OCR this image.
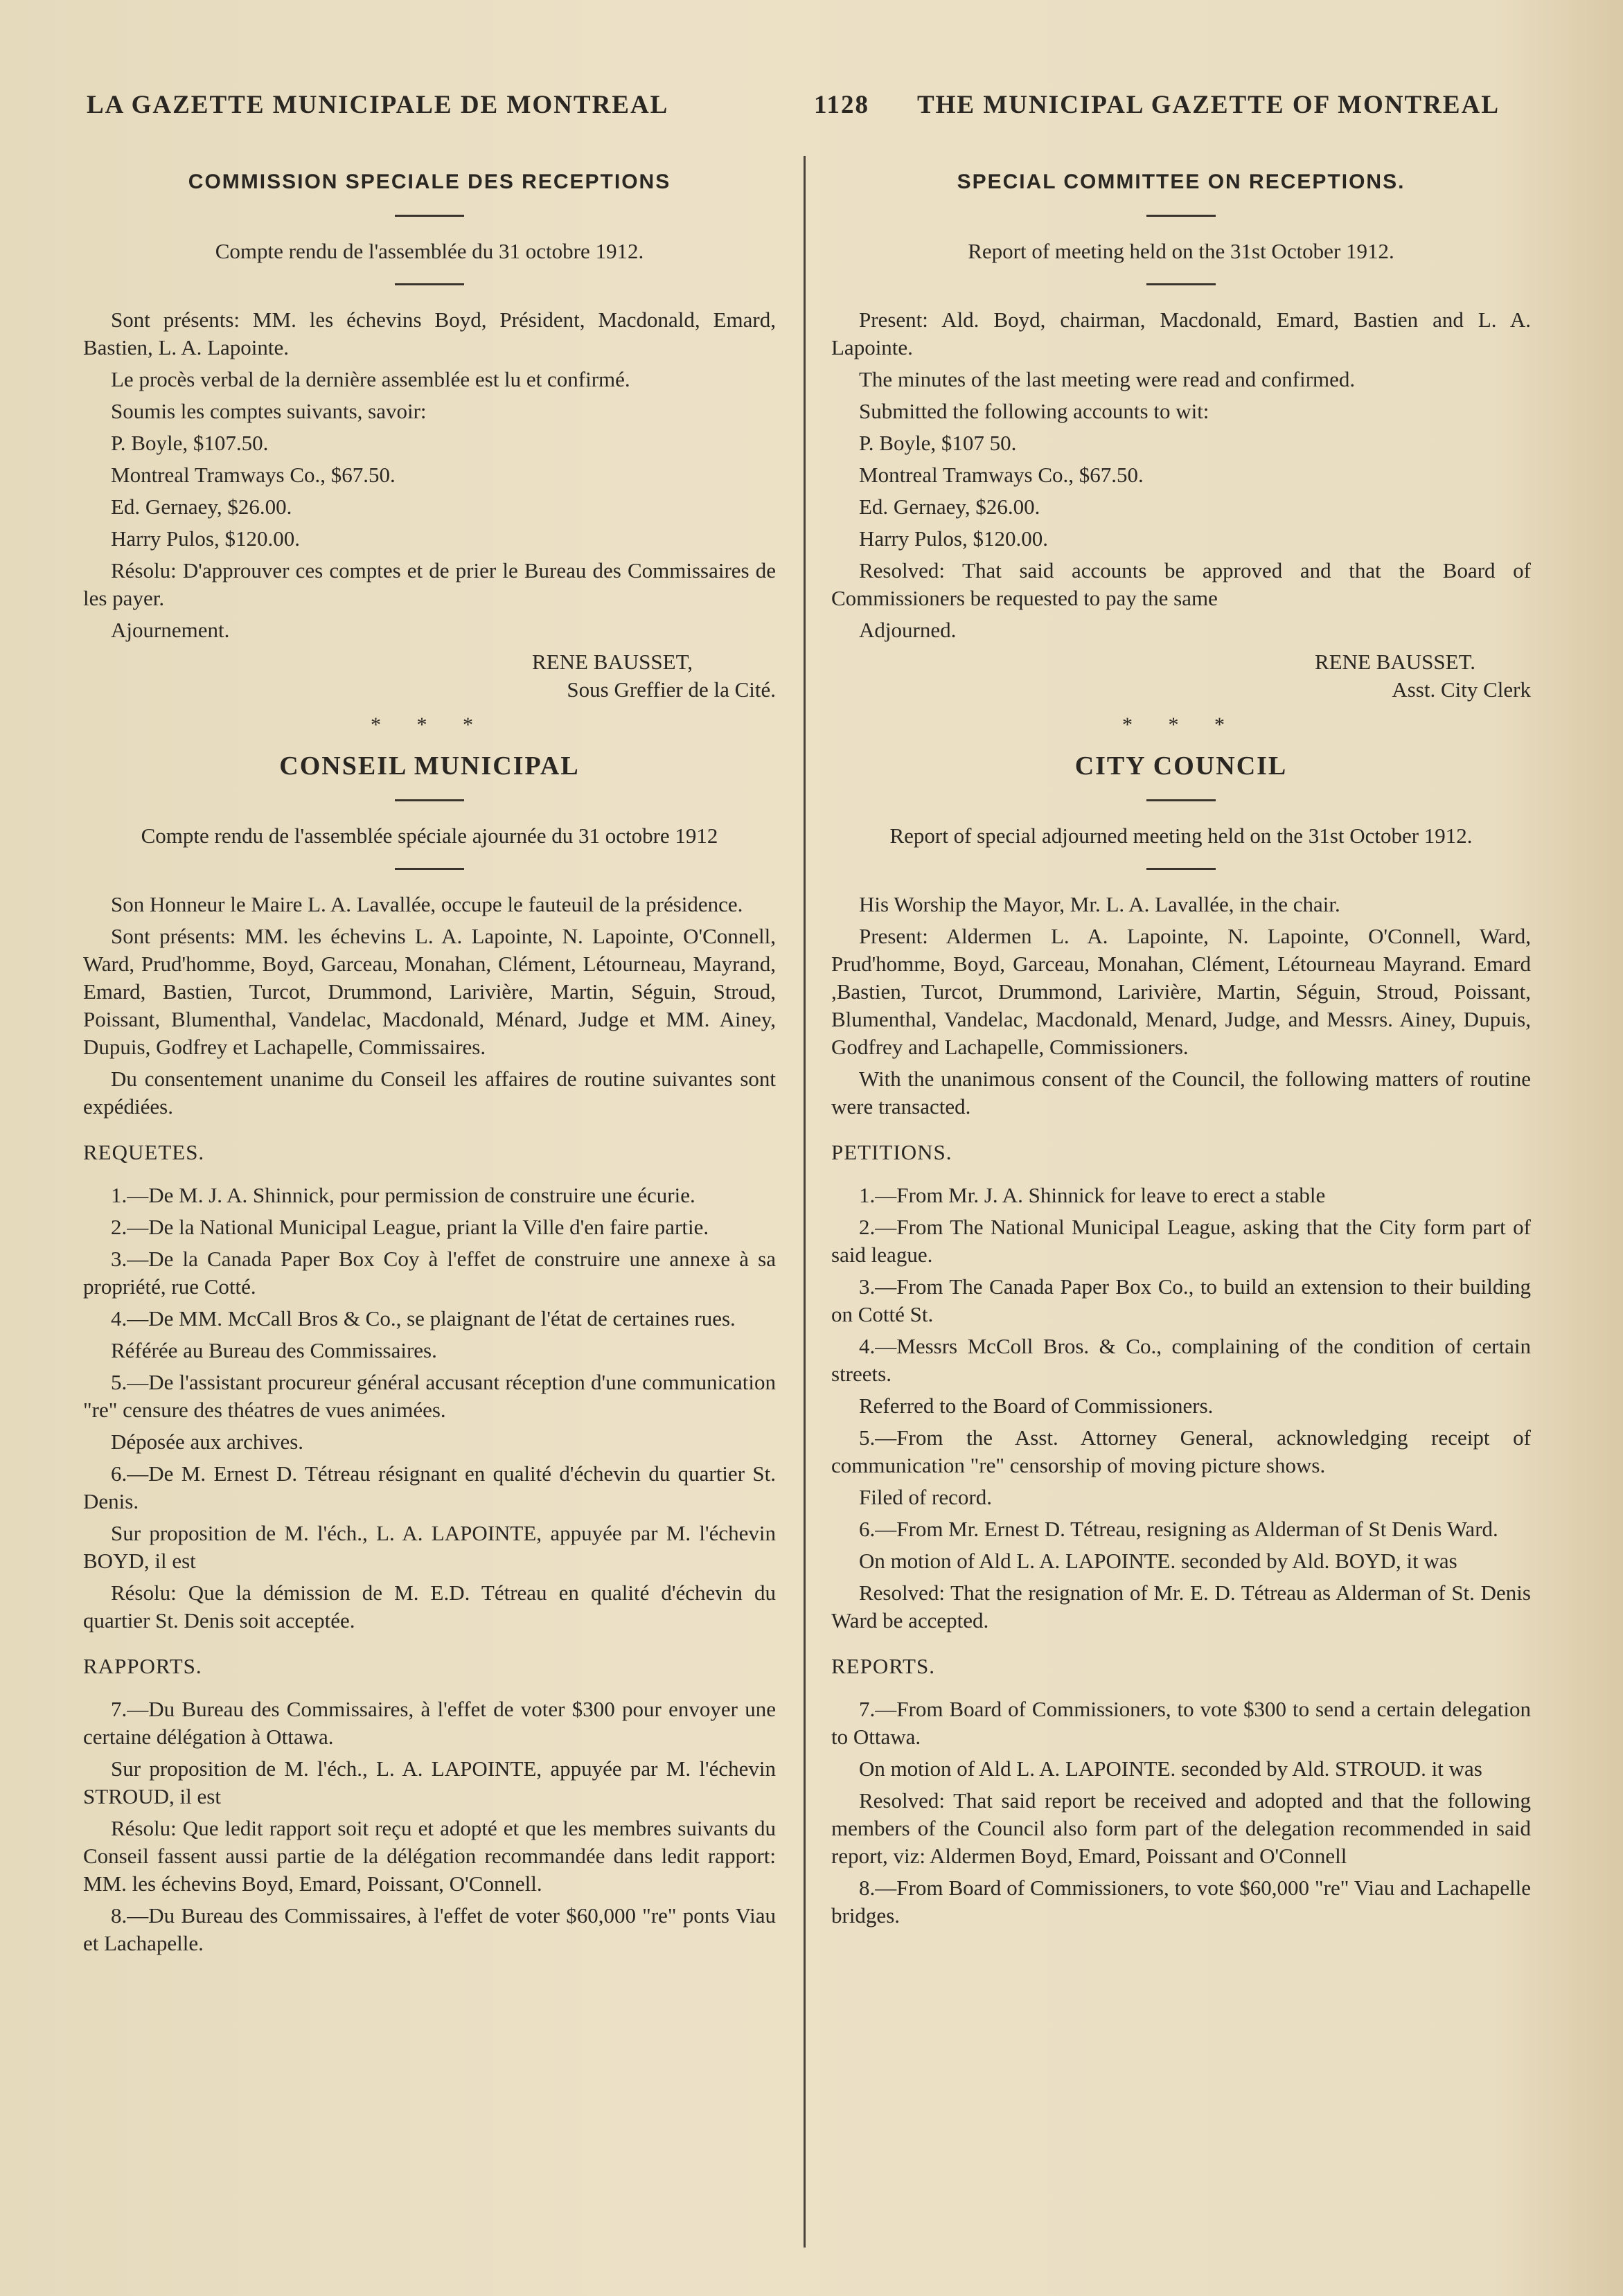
LA GAZETTE MUNICIPALE DE MONTREAL	1128	THE MUNICIPAL GAZETTE OF MONTREAL
COMMISSION SPECIALE DES RECEPTIONS

Compte rendu de l'assemblée du 31 octobre 1912.

Sont présents: MM. les échevins Boyd, Président, Macdonald, Emard, Bastien, L. A. Lapointe.

Le procès verbal de la dernière assemblée est lu et confirmé.

Soumis les comptes suivants, savoir:

P. Boyle, $107.50.

Montreal Tramways Co., $67.50.

Ed. Gernaey, $26.00.

Harry Pulos, $120.00.

Résolu: D'approuver ces comptes et de prier le Bureau des Commissaires de les payer.

Ajournement.

RENE BAUSSET,

Sous Greffier de la Cité.

* * *
CONSEIL MUNICIPAL

Compte rendu de l'assemblée spéciale ajournée du 31 octobre 1912

Son Honneur le Maire L. A. Lavallée, occupe le fauteuil de la présidence.

Sont présents: MM. les échevins L. A. Lapointe, N. Lapointe, O'Connell, Ward, Prud'homme, Boyd, Garceau, Monahan, Clément, Létourneau, Mayrand, Emard, Bastien, Turcot, Drummond, Larivière, Martin, Séguin, Stroud, Poissant, Blumenthal, Vandelac, Macdonald, Ménard, Judge et MM. Ainey, Dupuis, Godfrey et Lachapelle, Commissaires.

Du consentement unanime du Conseil les affaires de routine suivantes sont expédiées.

REQUETES.

1.—De M. J. A. Shinnick, pour permission de construire une écurie.

2.—De la National Municipal League, priant la Ville d'en faire partie.

3.—De la Canada Paper Box Coy à l'effet de construire une annexe à sa propriété, rue Cotté.

4.—De MM. McCall Bros & Co., se plaignant de l'état de certaines rues.

Référée au Bureau des Commissaires.

5.—De l'assistant procureur général accusant réception d'une communication "re" censure des théatres de vues animées.

Déposée aux archives.

6.—De M. Ernest D. Tétreau résignant en qualité d'échevin du quartier St. Denis.

Sur proposition de M. l'éch., L. A. LAPOINTE, appuyée par M. l'échevin BOYD, il est

Résolu: Que la démission de M. E.D. Tétreau en qualité d'échevin du quartier St. Denis soit acceptée.

RAPPORTS.

7.—Du Bureau des Commissaires, à l'effet de voter $300 pour envoyer une certaine délégation à Ottawa.

Sur proposition de M. l'éch., L. A. LAPOINTE, appuyée par M. l'échevin STROUD, il est

Résolu: Que ledit rapport soit reçu et adopté et que les membres suivants du Conseil fassent aussi partie de la délégation recommandée dans ledit rapport: MM. les échevins Boyd, Emard, Poissant, O'Connell.

8.—Du Bureau des Commissaires, à l'effet de voter $60,000 "re" ponts Viau et Lachapelle.

SPECIAL COMMITTEE ON RECEPTIONS.

Report of meeting held on the 31st October 1912.

Present: Ald. Boyd, chairman, Macdonald, Emard, Bastien and L. A. Lapointe.

The minutes of the last meeting were read and confirmed.

Submitted the following accounts to wit:

P. Boyle, $107 50.

Montreal Tramways Co., $67.50.

Ed. Gernaey, $26.00.

Harry Pulos, $120.00.

Resolved: That said accounts be approved and that the Board of Commissioners be requested to pay the same

Adjourned.

RENE BAUSSET.

Asst. City Clerk

* * *
CITY COUNCIL

Report of special adjourned meeting held on the 31st October 1912.

His Worship the Mayor, Mr. L. A. Lavallée, in the chair.

Present: Aldermen L. A. Lapointe, N. Lapointe, O'Connell, Ward, Prud'homme, Boyd, Garceau, Monahan, Clément, Létourneau Mayrand. Emard ,Bastien, Turcot, Drummond, Larivière, Martin, Séguin, Stroud, Poissant, Blumenthal, Vandelac, Macdonald, Menard, Judge, and Messrs. Ainey, Dupuis, Godfrey and Lachapelle, Commissioners.

With the unanimous consent of the Council, the following matters of routine were transacted.

PETITIONS.

1.—From Mr. J. A. Shinnick for leave to erect a stable

2.—From The National Municipal League, asking that the City form part of said league.

3.—From The Canada Paper Box Co., to build an extension to their building on Cotté St.

4.—Messrs McColl Bros. & Co., complaining of the condition of certain streets.

Referred to the Board of Commissioners.

5.—From the Asst. Attorney General, acknowledging receipt of communication "re" censorship of moving picture shows.

Filed of record.

6.—From Mr. Ernest D. Tétreau, resigning as Alderman of St Denis Ward.

On motion of Ald L. A. LAPOINTE. seconded by Ald. BOYD, it was

Resolved: That the resignation of Mr. E. D. Tétreau as Alderman of St. Denis Ward be accepted.

REPORTS.

7.—From Board of Commissioners, to vote $300 to send a certain delegation to Ottawa.

On motion of Ald L. A. LAPOINTE. seconded by Ald. STROUD. it was

Resolved: That said report be received and adopted and that the following members of the Council also form part of the delegation recommended in said report, viz: Aldermen Boyd, Emard, Poissant and O'Connell

8.—From Board of Commissioners, to vote $60,000 "re" Viau and Lachapelle bridges.
